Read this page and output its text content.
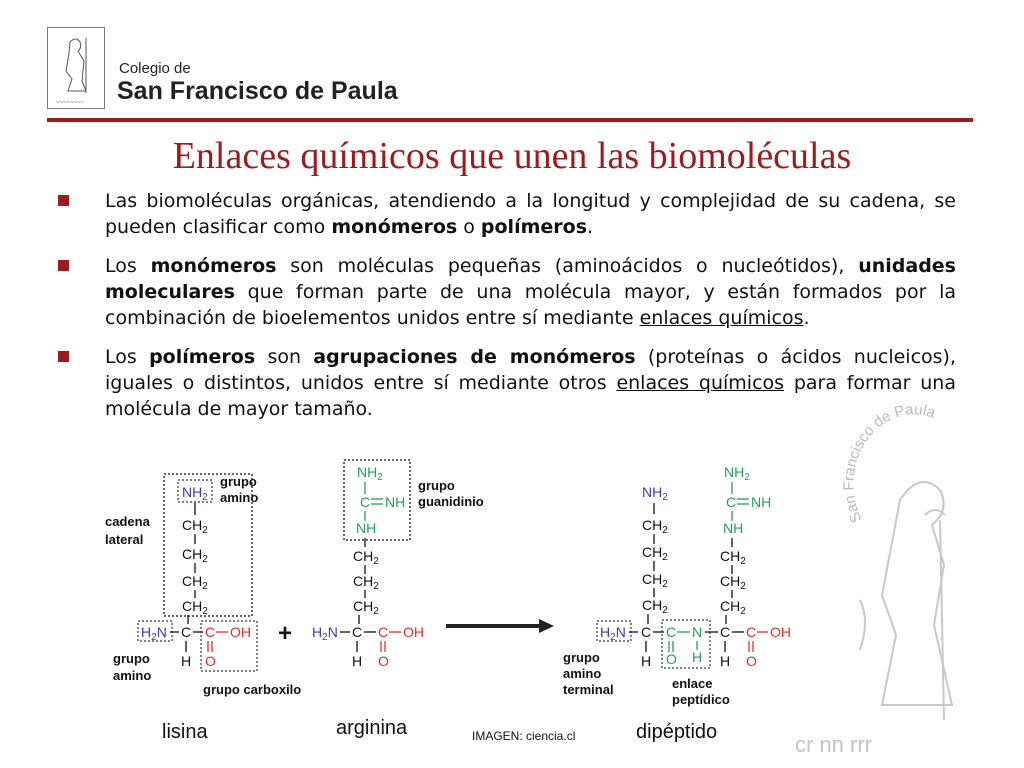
~~~~~~~~
Colegio de
San Francisco de Paula
Enlaces químicos que unen las biomoléculas

Las biomoléculas orgánicas, atendiendo a la longitud y complejidad de su cadena, se pueden clasificar como monómeros o polímeros.

Los monómeros son moléculas pequeñas (aminoácidos o nucleótidos), unidades moleculares que forman parte de una molécula mayor, y están formados por la combinación de bioelementos unidos entre sí mediante enlaces químicos.

Los polímeros son agrupaciones de monómeros (proteínas o ácidos nucleicos), iguales o distintos, unidos entre sí mediante otros enlaces químicos para formar una molécula de mayor tamaño.

San Francisco de Paula
cr nn rrr
$NH_2$
$CH_2$
$CH_2$
$CH_2$
$CH_2$
$H_2N$ C
H
C OH
O
cadena
lateral
grupo
amino
grupo
amino
grupo carboxilo
+
$NH_2$
C NH
NH
$CH_2$
$CH_2$
$CH_2$
$H_2N$ C
H
C OH
O
grupo
guanidinio
$NH_2$
$CH_2$
$CH_2$
$CH_2$
$CH_2$
$H_2N$ C
H
C N
O H
$NH_2$
C NH
NH
$CH_2$
$CH_2$
$CH_2$
C
H
C OH
O
grupo
amino
terminal	enlace
peptídico
lisina	arginina	dipéptido
IMAGEN: ciencia.cl
